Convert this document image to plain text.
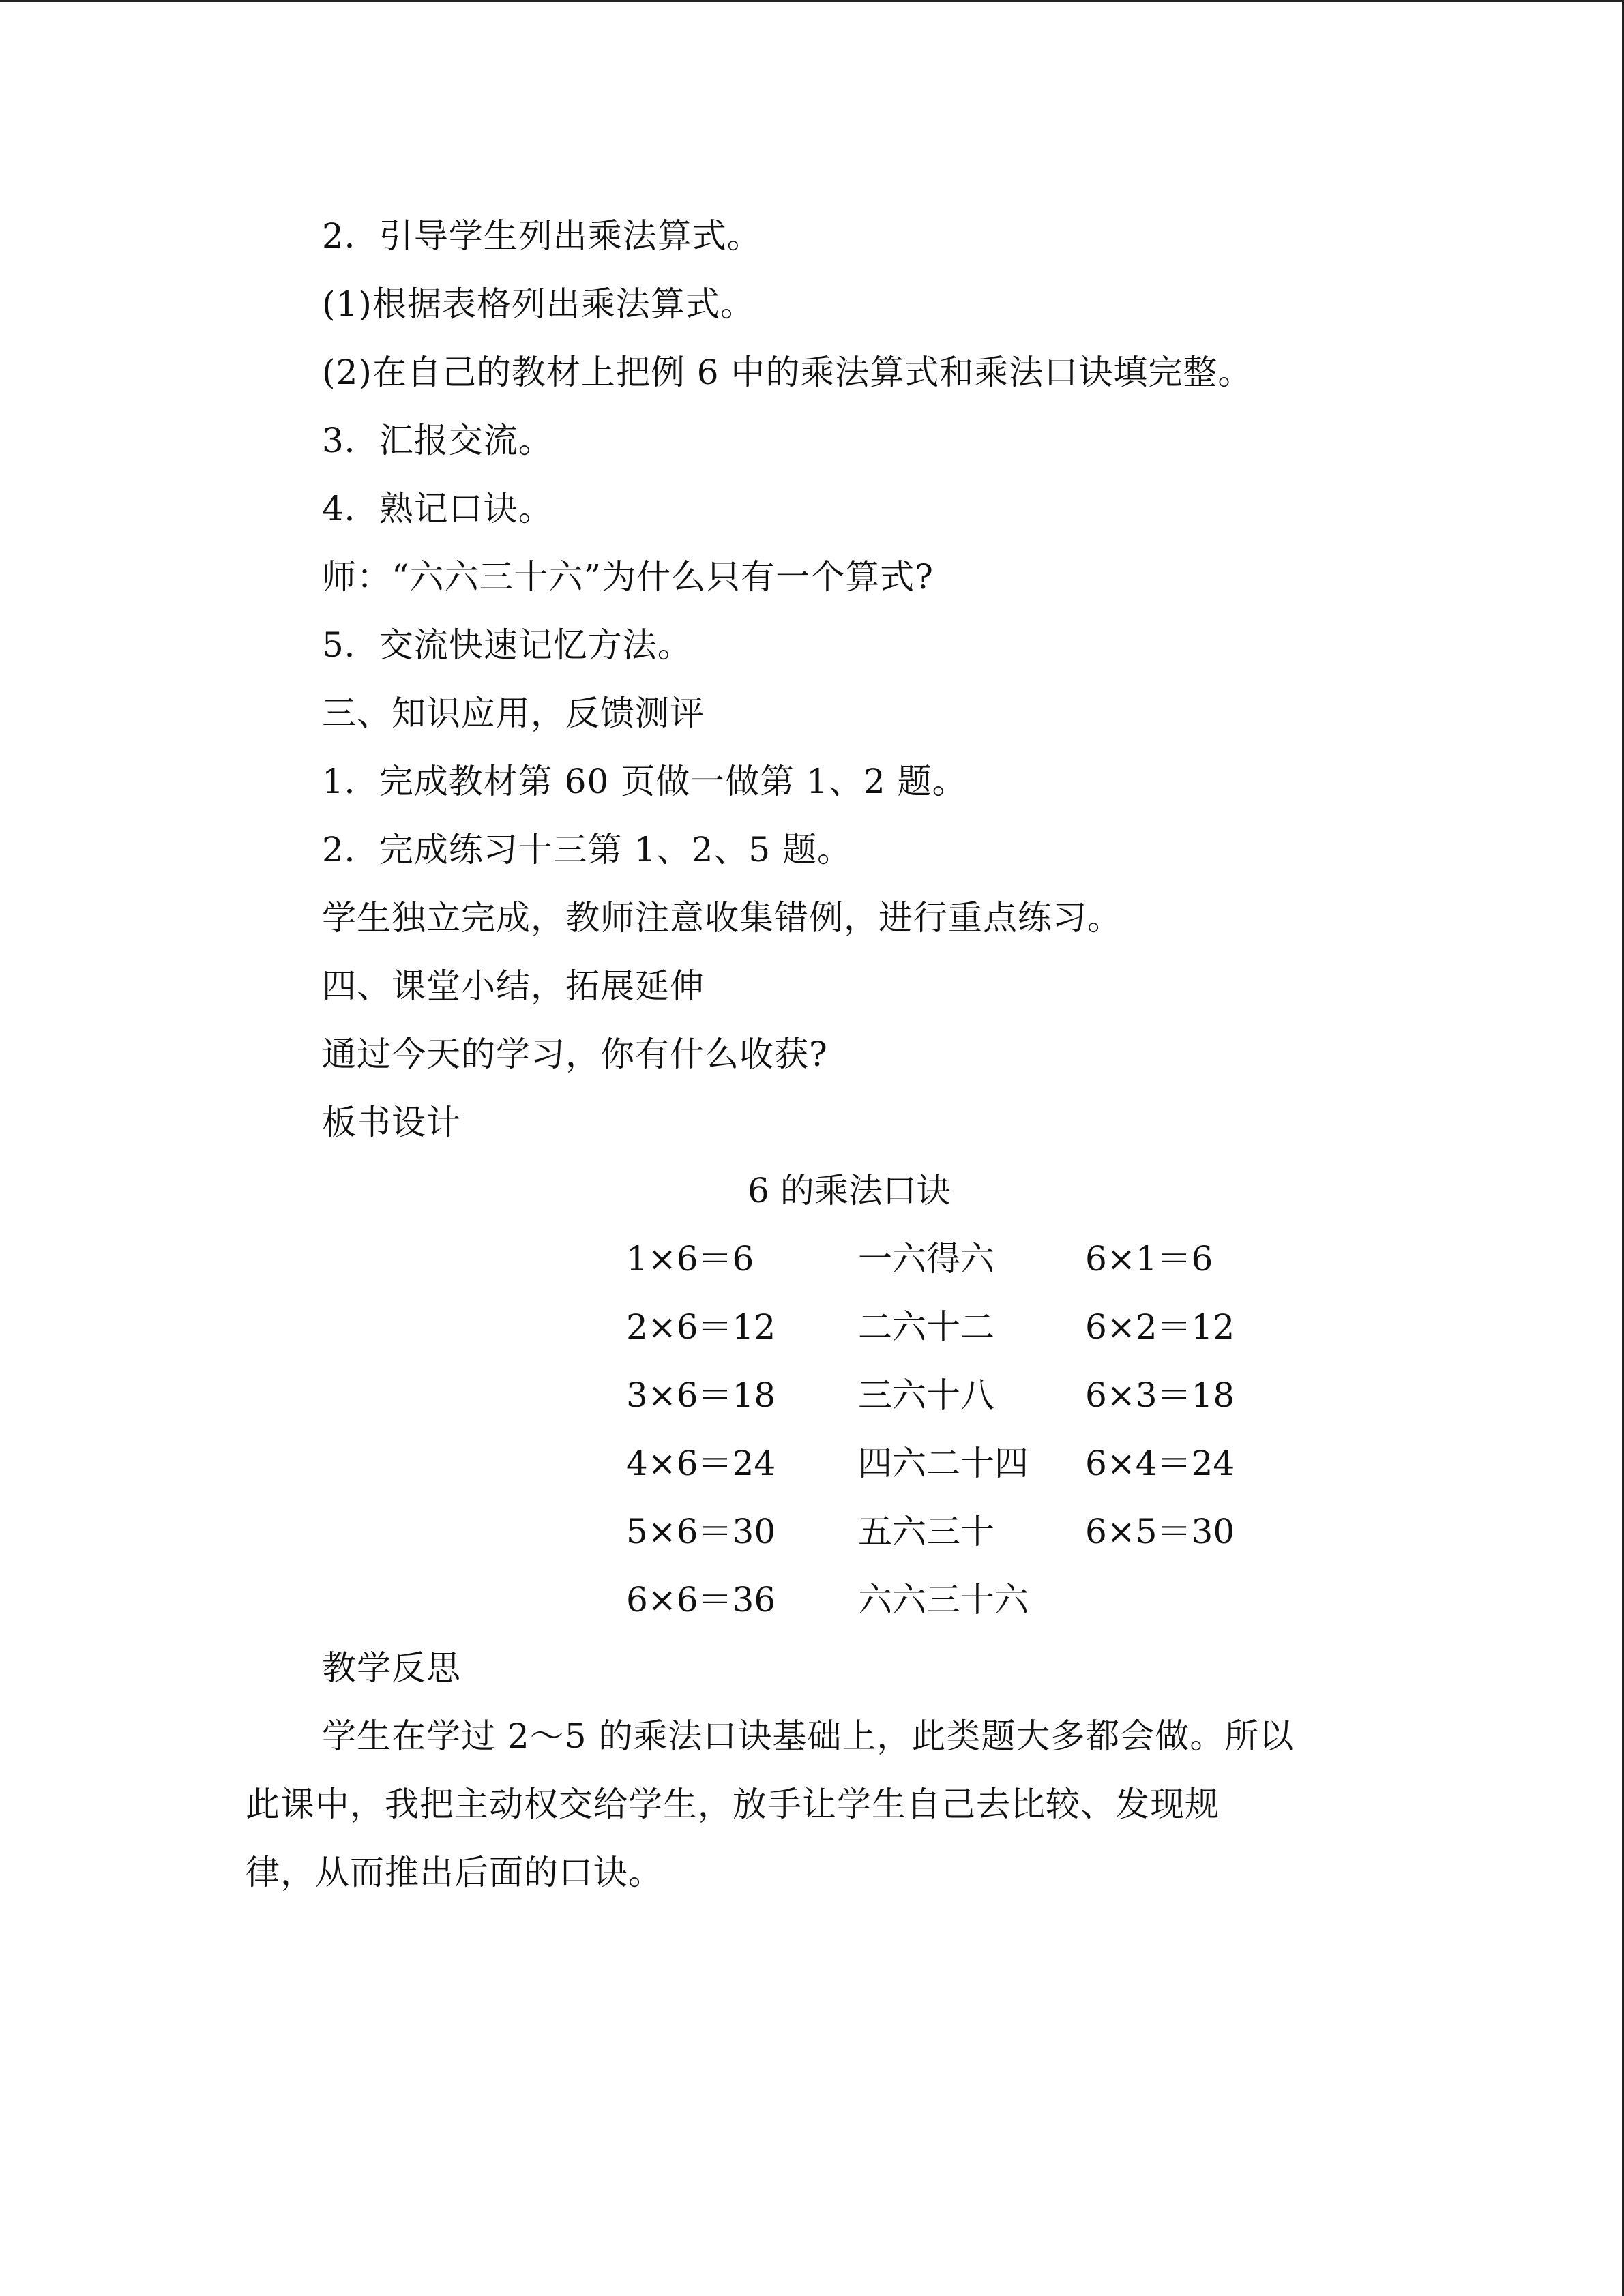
2．引导学生列出乘法算式。
(1)根据表格列出乘法算式。
(2)在自己的教材上把例 6 中的乘法算式和乘法口诀填完整。
3．汇报交流。
4．熟记口诀。
师：“六六三十六”为什么只有一个算式?
5．交流快速记忆方法。
三、知识应用，反馈测评
1．完成教材第 60 页做一做第 1、2 题。
2．完成练习十三第 1、2、5 题。
学生独立完成，教师注意收集错例，进行重点练习。
四、课堂小结，拓展延伸
通过今天的学习，你有什么收获?
板书设计
6 的乘法口诀
1×6＝6	一六得六	6×1＝6
2×6＝12 二六十二	6×2＝12
3×6＝18 三六十八	6×3＝18
4×6＝24 四六二十四 6×4＝24
5×6＝30 五六三十	6×5＝30
6×6＝36 六六三十六
教学反思
学生在学过 2～5 的乘法口诀基础上，此类题大多都会做。所以
此课中，我把主动权交给学生，放手让学生自己去比较、发现规
律，从而推出后面的口诀。
